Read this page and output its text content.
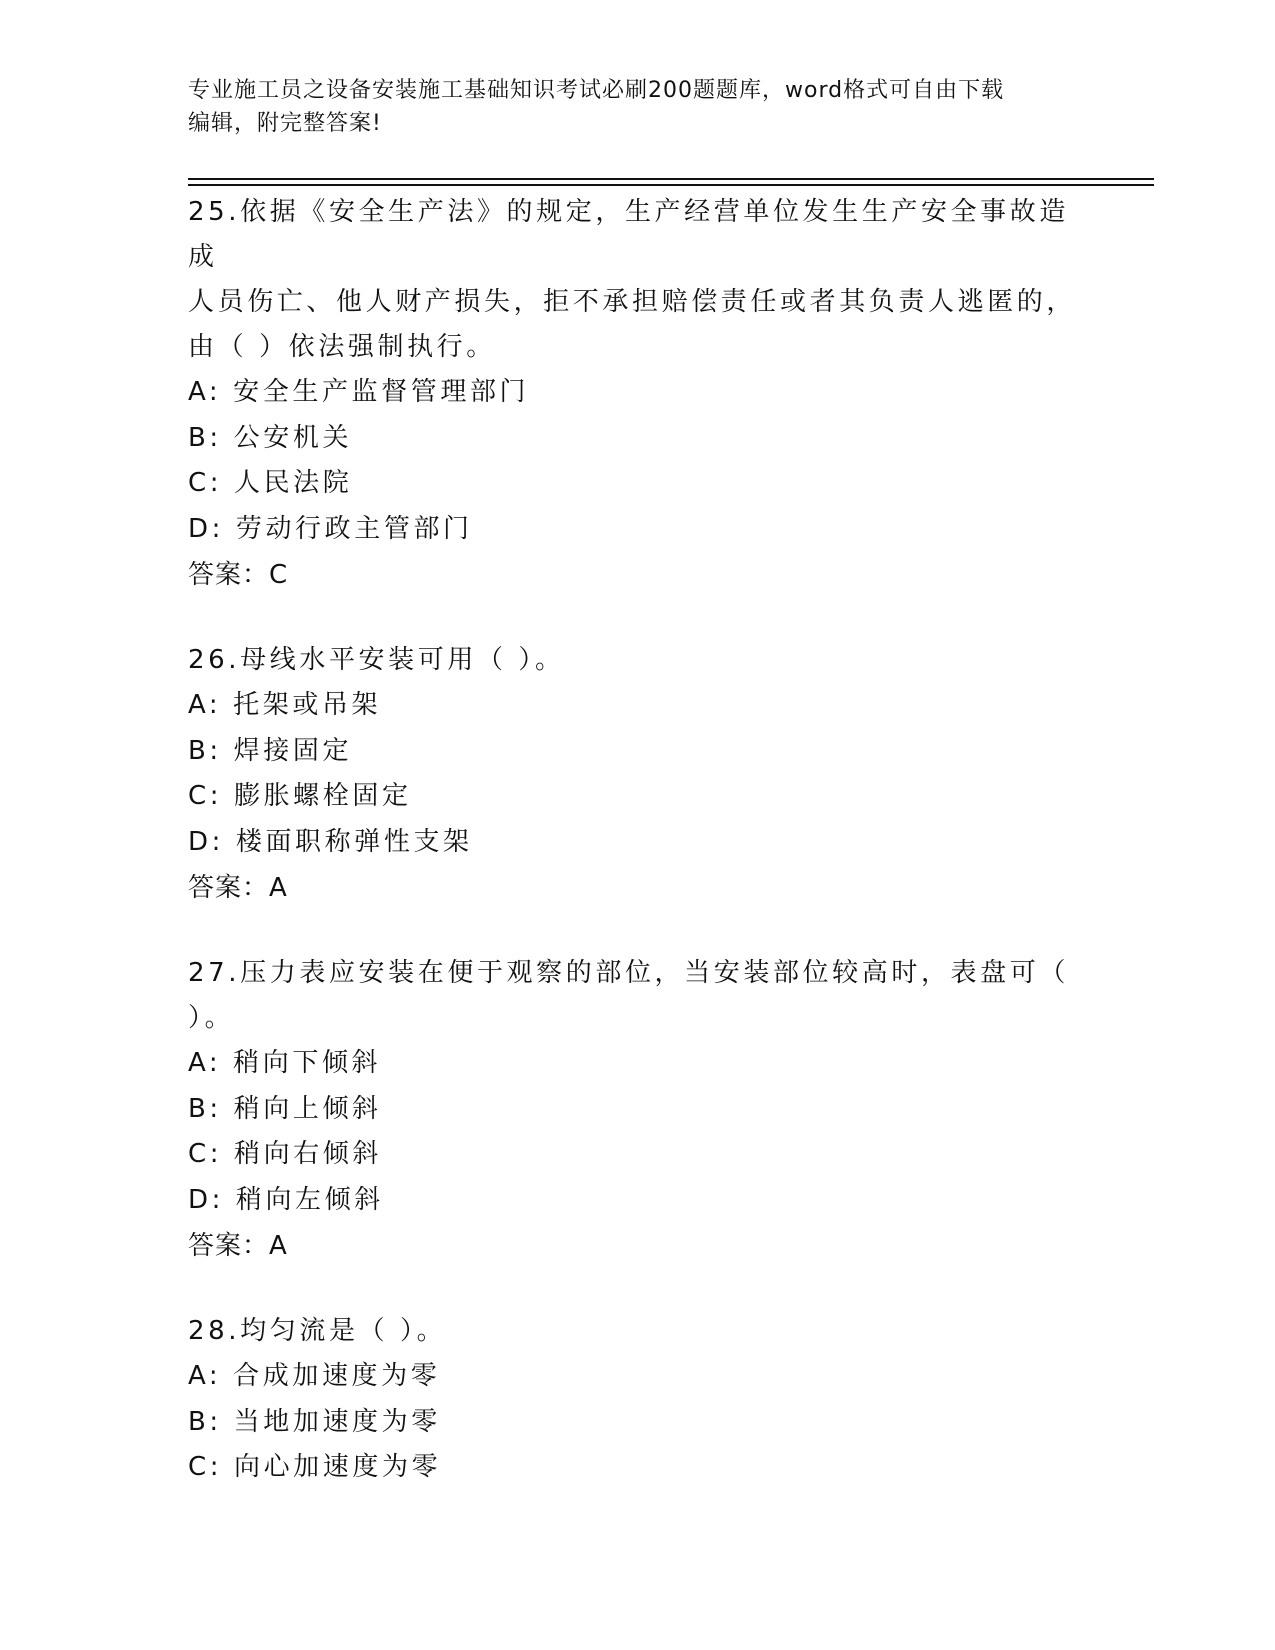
专业施工员之设备安装施工基础知识考试必刷200题题库，word格式可自由下载
编辑，附完整答案!

25.依据《安全生产法》的规定，生产经营单位发生生产安全事故造成

人员伤亡、他人财产损失，拒不承担赔偿责任或者其负责人逃匿的，

由（ ）依法强制执行。

A: 安全生产监督管理部门

B: 公安机关

C: 人民法院

D: 劳动行政主管部门

答案：C

26.母线水平安装可用（ ）。

A: 托架或吊架

B: 焊接固定

C: 膨胀螺栓固定

D: 楼面职称弹性支架

答案：A

27.压力表应安装在便于观察的部位，当安装部位较高时，表盘可（

）。

A: 稍向下倾斜

B: 稍向上倾斜

C: 稍向右倾斜

D: 稍向左倾斜

答案：A

28.均匀流是（ ）。

A: 合成加速度为零

B: 当地加速度为零

C: 向心加速度为零
